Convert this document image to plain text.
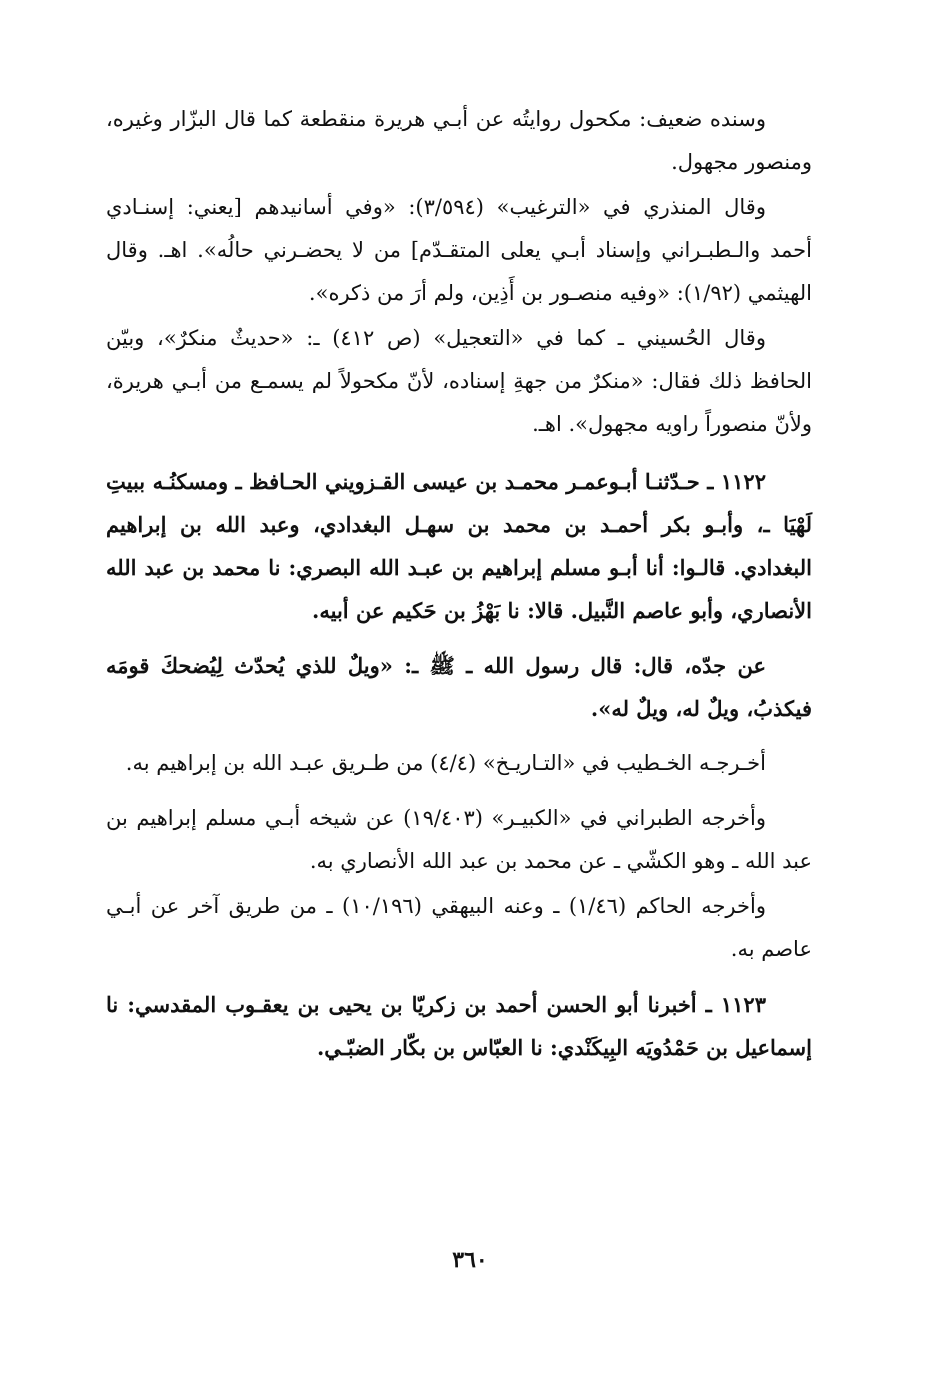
وسنده ضعيف: مكحول روايتُه عن أبـي هريرة منقطعة كما قال البزّار وغيره، ومنصور مجهول.

وقال المنذري في «الترغيب» (٣/٥٩٤): «وفي أسانيدهم [يعني: إسنـادي أحمد والـطبـراني وإسناد أبـي يعلى المتقـدّم] من لا يحضـرني حالُه». اهـ. وقال الهيثمي (١/٩٢): «وفيه منصـور بن أَذِين، ولم أرَ من ذكره».

وقال الحُسيني ـ كما في «التعجيل» (ص ٤١٢) ـ: «حديثٌ منكرٌ»، وبيّن الحافظ ذلك فقال: «منكرٌ من جهةِ إسناده، لأنّ مكحولاً لم يسمـع من أبـي هريرة، ولأنّ منصوراً راويه مجهول». اهـ.

١١٢٢ ـ حـدّثنـا أبـوعمـر محمـد بن عيسى القـزويني الحـافظ ـ ومسكنُـه ببيتِ لَهْيَا ـ، وأبـو بكر أحمـد بن محمد بن سهـل البغدادي، وعبد الله بن إبراهيم البغدادي. قالـوا: أنا أبـو مسلم إبراهيم بن عبـد الله البصري: نا محمد بن عبد الله الأنصاري، وأبو عاصم النَّبيل. قالا: نا بَهْزُ بن حَكيم عن أبيه.

عن جدّه، قال: قال رسول الله ـ ﷺ ـ: «ويلٌ للذي يُحدّث لِيُضحكَ قومَه فيكذبُ، ويلٌ له، ويلٌ له».

أخـرجـه الخـطيب في «التـاريـخ» (٤/٤) من طـريق عبـد الله بن إبراهيم به.

وأخرجه الطبراني في «الكبيـر» (١٩/٤٠٣) عن شيخه أبـي مسلم إبراهيم بن عبد الله ـ وهو الكشّي ـ عن محمد بن عبد الله الأنصاري به.

وأخرجه الحاكم (١/٤٦) ـ وعنه البيهقي (١٠/١٩٦) ـ من طريق آخر عن أبـي عاصم به.

١١٢٣ ـ أخبرنا أبو الحسن أحمد بن زكريّا بن يحيى بن يعقـوب المقدسي: نا إسماعيل بن حَمْدُويَه البِيكَنْدي: نا العبّاس بن بكّار الضبّـي.

٣٦٠
